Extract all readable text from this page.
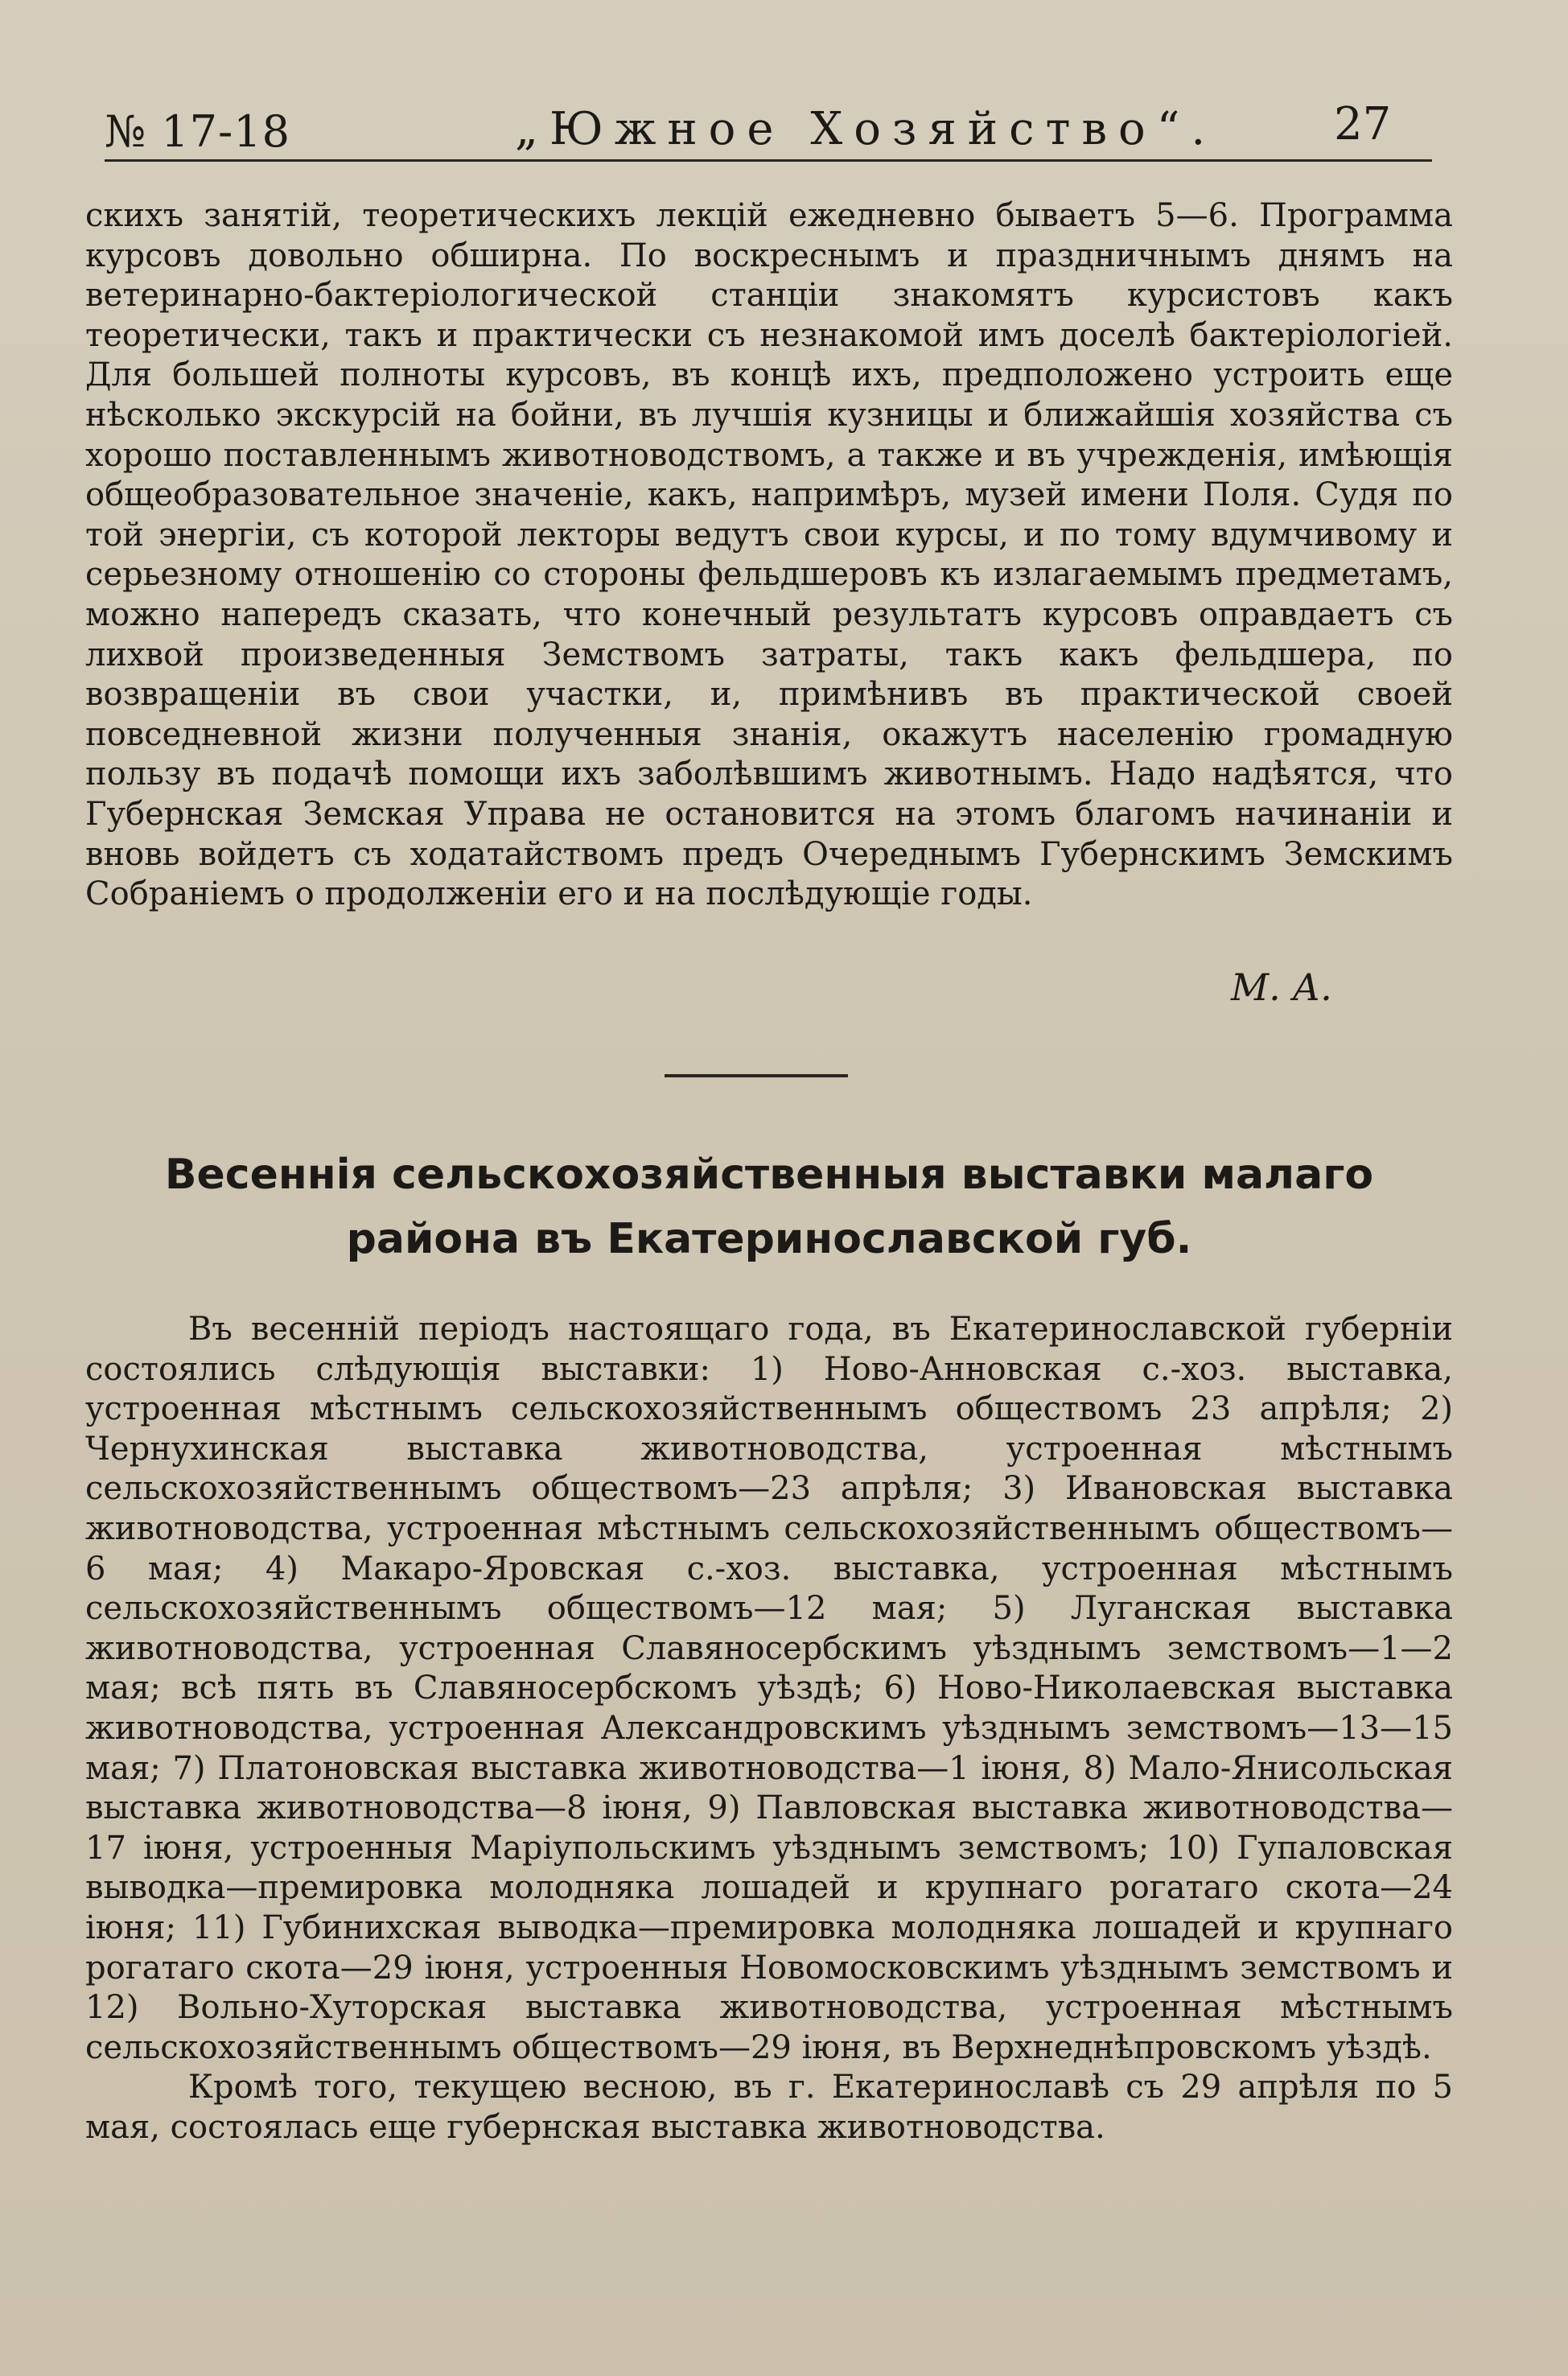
№ 17-18	„Южное Хозяйство“.	27

скихъ занятій, теоретическихъ лекцій ежедневно бываетъ 5—6. Программа курсовъ довольно обширна. По воскреснымъ и праздничнымъ днямъ на ветеринарно-бактеріологической станціи знакомятъ курсистовъ какъ теоретически, такъ и практически съ незнакомой имъ доселѣ бактеріологіей. Для большей полноты курсовъ, въ концѣ ихъ, предположено устроить еще нѣсколько экскурсій на бойни, въ лучшія кузницы и ближайшія хозяйства съ хорошо поставленнымъ животноводствомъ, а также и въ учрежденія, имѣющія общеобразовательное значеніе, какъ, напримѣръ, музей имени Поля. Судя по той энергіи, съ которой лекторы ведутъ свои курсы, и по тому вдумчивому и серьезному отношенію со стороны фельдшеровъ къ излагаемымъ предметамъ, можно напередъ сказать, что конечный результатъ курсовъ оправдаетъ съ лихвой произведенныя Земствомъ затраты, такъ какъ фельдшера, по возвращеніи въ свои участки, и, примѣнивъ въ практической своей повседневной жизни полученныя знанія, окажутъ населенію громадную пользу въ подачѣ помощи ихъ заболѣвшимъ животнымъ. Надо надѣятся, что Губернская Земская Управа не остановится на этомъ благомъ начинаніи и вновь войдетъ съ ходатайствомъ предъ Очереднымъ Губернскимъ Земскимъ Собраніемъ о продолженіи его и на послѣдующіе годы.

М. А.
Весеннія сельскохозяйственныя выставки малаго
района въ Екатеринославской губ.

Въ весенній періодъ настоящаго года, въ Екатеринославской губерніи состоялись слѣдующія выставки: 1) Ново-Анновская с.-хоз. выставка, устроенная мѣстнымъ сельскохозяйственнымъ обществомъ 23 апрѣля; 2) Чернухинская выставка животноводства, устроенная мѣстнымъ сельскохозяйственнымъ обществомъ—23 апрѣля; 3) Ивановская выставка животноводства, устроенная мѣстнымъ сельскохозяйственнымъ обществомъ—6 мая; 4) Макаро-Яровская с.-хоз. выставка, устроенная мѣстнымъ сельскохозяйственнымъ обществомъ—12 мая; 5) Луганская выставка животноводства, устроенная Славяносербскимъ уѣзднымъ земствомъ—1—2 мая; всѣ пять въ Славяносербскомъ уѣздѣ; 6) Ново-Николаевская выставка животноводства, устроенная Александровскимъ уѣзднымъ земствомъ—13—15 мая; 7) Платоновская выставка животноводства—1 іюня, 8) Мало-Янисольская выставка животноводства—8 іюня, 9) Павловская выставка животноводства—17 іюня, устроенныя Маріупольскимъ уѣзднымъ земствомъ; 10) Гупаловская выводка—премировка молодняка лошадей и крупнаго рогатаго скота—24 іюня; 11) Губинихская выводка—премировка молодняка лошадей и крупнаго рогатаго скота—29 іюня, устроенныя Новомосковскимъ уѣзднымъ земствомъ и 12) Вольно-Хуторская выставка животноводства, устроенная мѣстнымъ сельскохозяйственнымъ обществомъ—29 іюня, въ Верхнеднѣпровскомъ уѣздѣ.

Кромѣ того, текущею весною, въ г. Екатеринославѣ съ 29 апрѣля по 5 мая, состоялась еще губернская выставка животноводства.
